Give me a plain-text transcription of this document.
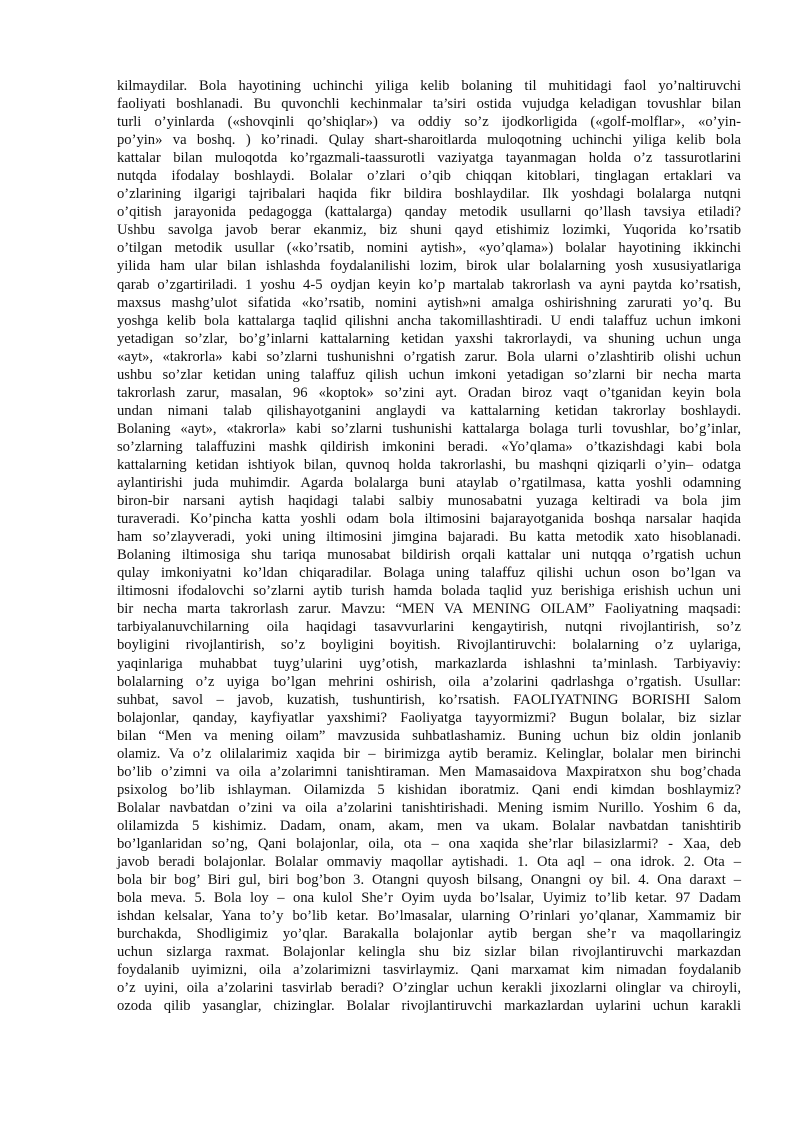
kilmaydilar. Bola hayotining uchinchi yiliga kelib bolaning til muhitidagi faol yo’naltiruvchi
faoliyati boshlanadi. Bu quvonchli kechinmalar ta’siri ostida vujudga keladigan tovushlar bilan
turli o’yinlarda («shovqinli qo’shiqlar») va oddiy so’z ijodkorligida («golf-molflar», «o’yin-
po’yin» va boshq. ) ko’rinadi. Qulay shart-sharoitlarda muloqotning uchinchi yiliga kelib bola
kattalar bilan muloqotda ko’rgazmali-taassurotli vaziyatga tayanmagan holda o’z tassurotlarini
nutqda ifodalay boshlaydi. Bolalar o’zlari o’qib chiqqan kitoblari, tinglagan ertaklari va
o’zlarining ilgarigi tajribalari haqida fikr bildira boshlaydilar. Ilk yoshdagi bolalarga nutqni
o’qitish jarayonida pedagogga (kattalarga) qanday metodik usullarni qo’llash tavsiya etiladi?
Ushbu savolga javob berar ekanmiz, biz shuni qayd etishimiz lozimki, Yuqorida ko’rsatib
o’tilgan metodik usullar («ko’rsatib, nomini aytish», «yo’qlama») bolalar hayotining ikkinchi
yilida ham ular bilan ishlashda foydalanilishi lozim, birok ular bolalarning yosh xususiyatlariga
qarab o’zgartiriladi. 1 yoshu 4-5 oydjan keyin ko’p martalab takrorlash va ayni paytda ko’rsatish,
maxsus mashg’ulot sifatida «ko’rsatib, nomini aytish»ni amalga oshirishning zarurati yo’q. Bu
yoshga kelib bola kattalarga taqlid qilishni ancha takomillashtiradi. U endi talaffuz uchun imkoni
yetadigan so’zlar, bo’g’inlarni kattalarning ketidan yaxshi takrorlaydi, va shuning uchun unga
«ayt», «takrorla» kabi so’zlarni tushunishni o’rgatish zarur. Bola ularni o’zlashtirib olishi uchun
ushbu so’zlar ketidan uning talaffuz qilish uchun imkoni yetadigan so’zlarni bir necha marta
takrorlash zarur, masalan, 96 «koptok» so’zini ayt. Oradan biroz vaqt o’tganidan keyin bola
undan nimani talab qilishayotganini anglaydi va kattalarning ketidan takrorlay boshlaydi.
Bolaning «ayt», «takrorla» kabi so’zlarni tushunishi kattalarga bolaga turli tovushlar, bo’g’inlar,
so’zlarning talaffuzini mashk qildirish imkonini beradi. «Yo’qlama» o’tkazishdagi kabi bola
kattalarning ketidan ishtiyok bilan, quvnoq holda takrorlashi, bu mashqni qiziqarli o’yin– odatga
aylantirishi juda muhimdir. Agarda bolalarga buni ataylab o’rgatilmasa, katta yoshli odamning
biron-bir narsani aytish haqidagi talabi salbiy munosabatni yuzaga keltiradi va bola jim
turaveradi. Ko’pincha katta yoshli odam bola iltimosini bajarayotganida boshqa narsalar haqida
ham so’zlayveradi, yoki uning iltimosini jimgina bajaradi. Bu katta metodik xato hisoblanadi.
Bolaning iltimosiga shu tariqa munosabat bildirish orqali kattalar uni nutqqa o’rgatish uchun
qulay imkoniyatni ko’ldan chiqaradilar. Bolaga uning talaffuz qilishi uchun oson bo’lgan va
iltimosni ifodalovchi so’zlarni aytib turish hamda bolada taqlid yuz berishiga erishish uchun uni
bir necha marta takrorlash zarur. Mavzu: “MEN VA MENING OILAM” Faoliyatning maqsadi:
tarbiyalanuvchilarning oila haqidagi tasavvurlarini kengaytirish, nutqni rivojlantirish, so’z
boyligini rivojlantirish, so’z boyligini boyitish. Rivojlantiruvchi: bolalarning o’z uylariga,
yaqinlariga muhabbat tuyg’ularini uyg’otish, markazlarda ishlashni ta’minlash. Tarbiyaviy:
bolalarning o’z uyiga bo’lgan mehrini oshirish, oila a’zolarini qadrlashga o’rgatish. Usullar:
suhbat, savol – javob, kuzatish, tushuntirish, ko’rsatish. FAOLIYATNING BORISHI Salom
bolajonlar, qanday, kayfiyatlar yaxshimi? Faoliyatga tayyormizmi? Bugun bolalar, biz sizlar
bilan “Men va mening oilam” mavzusida suhbatlashamiz. Buning uchun biz oldin jonlanib
olamiz. Va o’z olilalarimiz xaqida bir – birimizga aytib beramiz. Kelinglar, bolalar men birinchi
bo’lib o’zimni va oila a’zolarimni tanishtiraman. Men Mamasaidova Maxpiratxon shu bog’chada
psixolog bo’lib ishlayman. Oilamizda 5 kishidan iboratmiz. Qani endi kimdan boshlaymiz?
Bolalar navbatdan o’zini va oila a’zolarini tanishtirishadi. Mening ismim Nurillo. Yoshim 6 da,
olilamizda 5 kishimiz. Dadam, onam, akam, men va ukam. Bolalar navbatdan tanishtirib
bo’lganlaridan so’ng, Qani bolajonlar, oila, ota – ona xaqida she’rlar bilasizlarmi? - Xaa, deb
javob beradi bolajonlar. Bolalar ommaviy maqollar aytishadi. 1. Ota aql – ona idrok. 2. Ota –
bola bir bog’ Biri gul, biri bog’bon 3. Otangni quyosh bilsang, Onangni oy bil. 4. Ona daraxt –
bola meva. 5. Bola loy – ona kulol She’r Oyim uyda bo’lsalar, Uyimiz to’lib ketar. 97 Dadam
ishdan kelsalar, Yana to’y bo’lib ketar. Bo’lmasalar, ularning O’rinlari yo’qlanar, Xammamiz bir
burchakda, Shodligimiz yo’qlar. Barakalla bolajonlar aytib bergan she’r va maqollaringiz
uchun sizlarga raxmat. Bolajonlar kelingla shu biz sizlar bilan rivojlantiruvchi markazdan
foydalanib uyimizni, oila a’zolarimizni tasvirlaymiz. Qani marxamat kim nimadan foydalanib
o’z uyini, oila a’zolarini tasvirlab beradi? O’zinglar uchun kerakli jixozlarni olinglar va chiroyli,
ozoda qilib yasanglar, chizinglar. Bolalar rivojlantiruvchi markazlardan uylarini uchun karakli
